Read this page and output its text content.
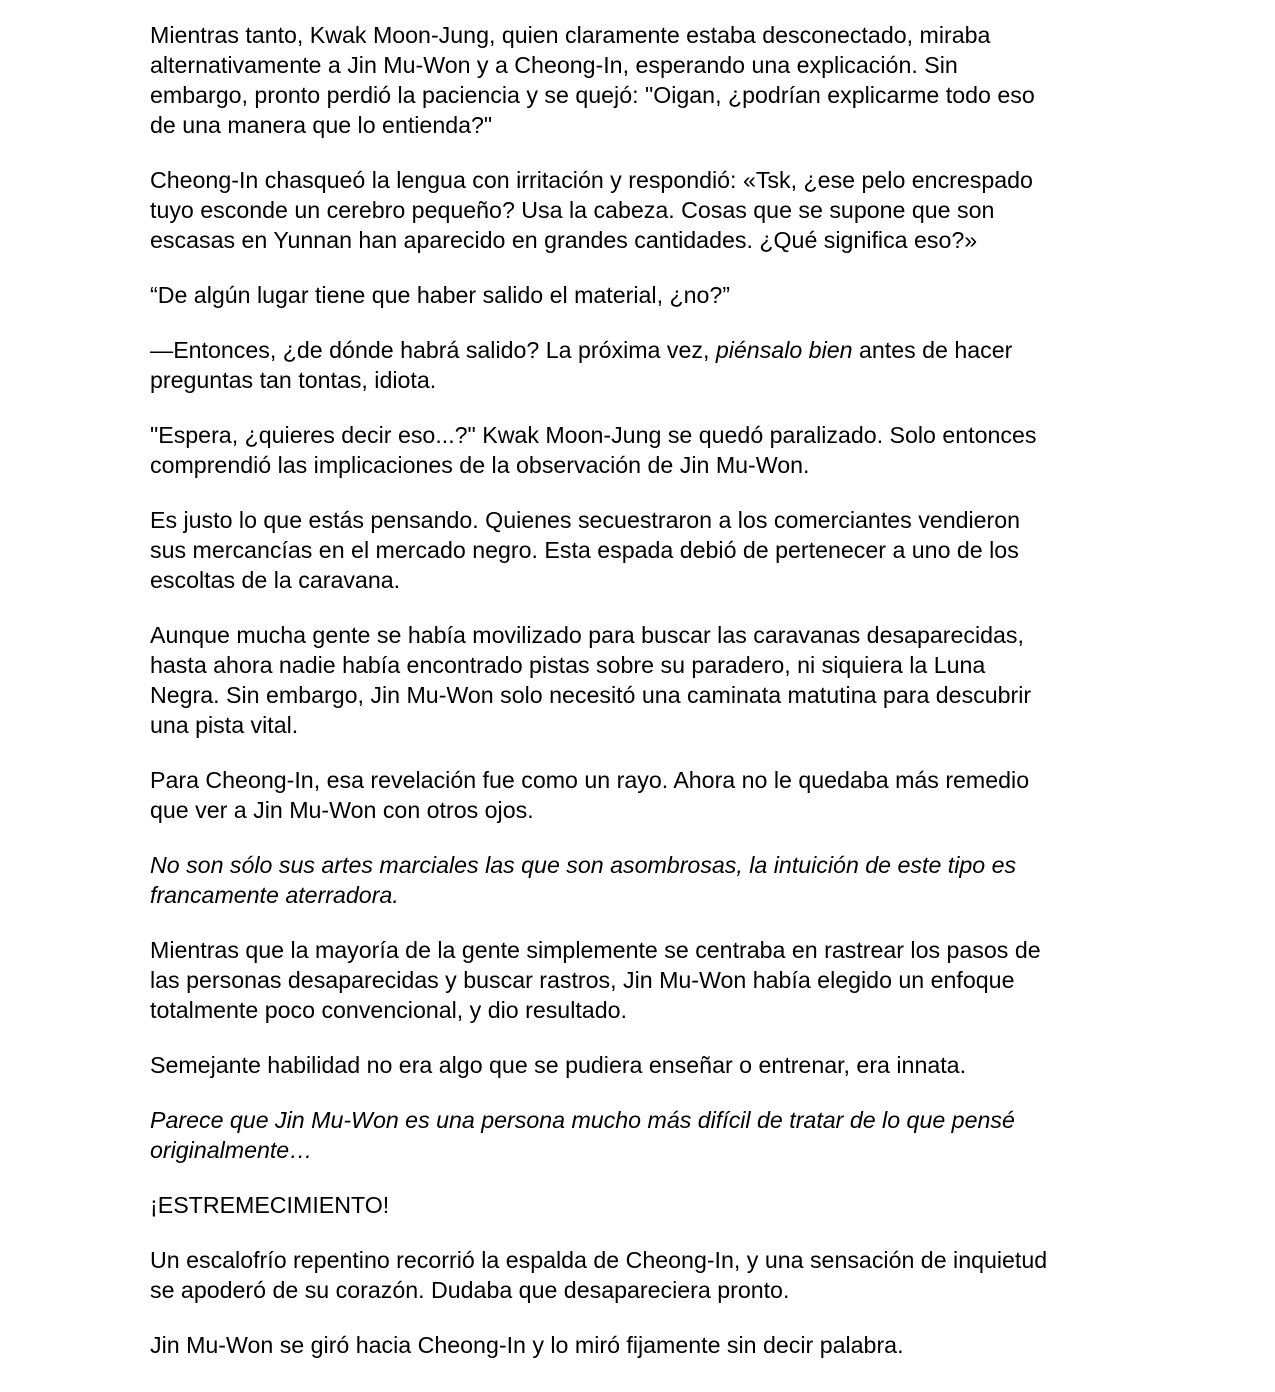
Mientras tanto, Kwak Moon-Jung, quien claramente estaba desconectado, miraba
alternativamente a Jin Mu-Won y a Cheong-In, esperando una explicación. Sin
embargo, pronto perdió la paciencia y se quejó: "Oigan, ¿podrían explicarme todo eso
de una manera que lo entienda?"

Cheong-In chasqueó la lengua con irritación y respondió: «Tsk, ¿ese pelo encrespado
tuyo esconde un cerebro pequeño? Usa la cabeza. Cosas que se supone que son
escasas en Yunnan han aparecido en grandes cantidades. ¿Qué significa eso?»

“De algún lugar tiene que haber salido el material, ¿no?”

—Entonces, ¿de dónde habrá salido? La próxima vez, piénsalo bien antes de hacer
preguntas tan tontas, idiota.

"Espera, ¿quieres decir eso...?" Kwak Moon-Jung se quedó paralizado. Solo entonces
comprendió las implicaciones de la observación de Jin Mu-Won.

Es justo lo que estás pensando. Quienes secuestraron a los comerciantes vendieron
sus mercancías en el mercado negro. Esta espada debió de pertenecer a uno de los
escoltas de la caravana.

Aunque mucha gente se había movilizado para buscar las caravanas desaparecidas,
hasta ahora nadie había encontrado pistas sobre su paradero, ni siquiera la Luna
Negra. Sin embargo, Jin Mu-Won solo necesitó una caminata matutina para descubrir
una pista vital.

Para Cheong-In, esa revelación fue como un rayo. Ahora no le quedaba más remedio
que ver a Jin Mu-Won con otros ojos.

No son sólo sus artes marciales las que son asombrosas, la intuición de este tipo es
francamente aterradora.

Mientras que la mayoría de la gente simplemente se centraba en rastrear los pasos de
las personas desaparecidas y buscar rastros, Jin Mu-Won había elegido un enfoque
totalmente poco convencional, y dio resultado.

Semejante habilidad no era algo que se pudiera enseñar o entrenar, era innata.

Parece que Jin Mu-Won es una persona mucho más difícil de tratar de lo que pensé
originalmente…

¡ESTREMECIMIENTO!

Un escalofrío repentino recorrió la espalda de Cheong-In, y una sensación de inquietud
se apoderó de su corazón. Dudaba que desapareciera pronto.

Jin Mu-Won se giró hacia Cheong-In y lo miró fijamente sin decir palabra.
